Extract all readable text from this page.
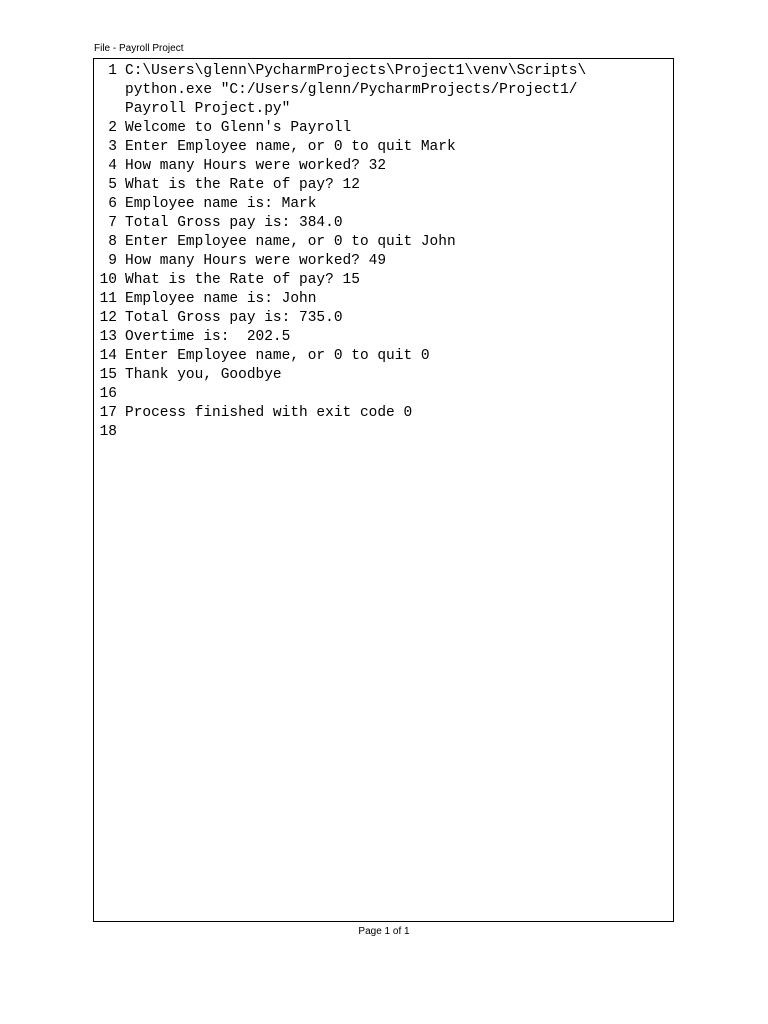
File - Payroll Project
1 C:\Users\glenn\PycharmProjects\Project1\venv\Scripts\
python.exe "C:/Users/glenn/PycharmProjects/Project1/
Payroll Project.py"
2 Welcome to Glenn's Payroll
3 Enter Employee name, or 0 to quit Mark
4 How many Hours were worked? 32
5 What is the Rate of pay? 12
6 Employee name is: Mark
7 Total Gross pay is: 384.0
8 Enter Employee name, or 0 to quit John
9 How many Hours were worked? 49
10 What is the Rate of pay? 15
11 Employee name is: John
12 Total Gross pay is: 735.0
13 Overtime is:  202.5
14 Enter Employee name, or 0 to quit 0
15 Thank you, Goodbye
16
17 Process finished with exit code 0
18
Page 1 of 1
